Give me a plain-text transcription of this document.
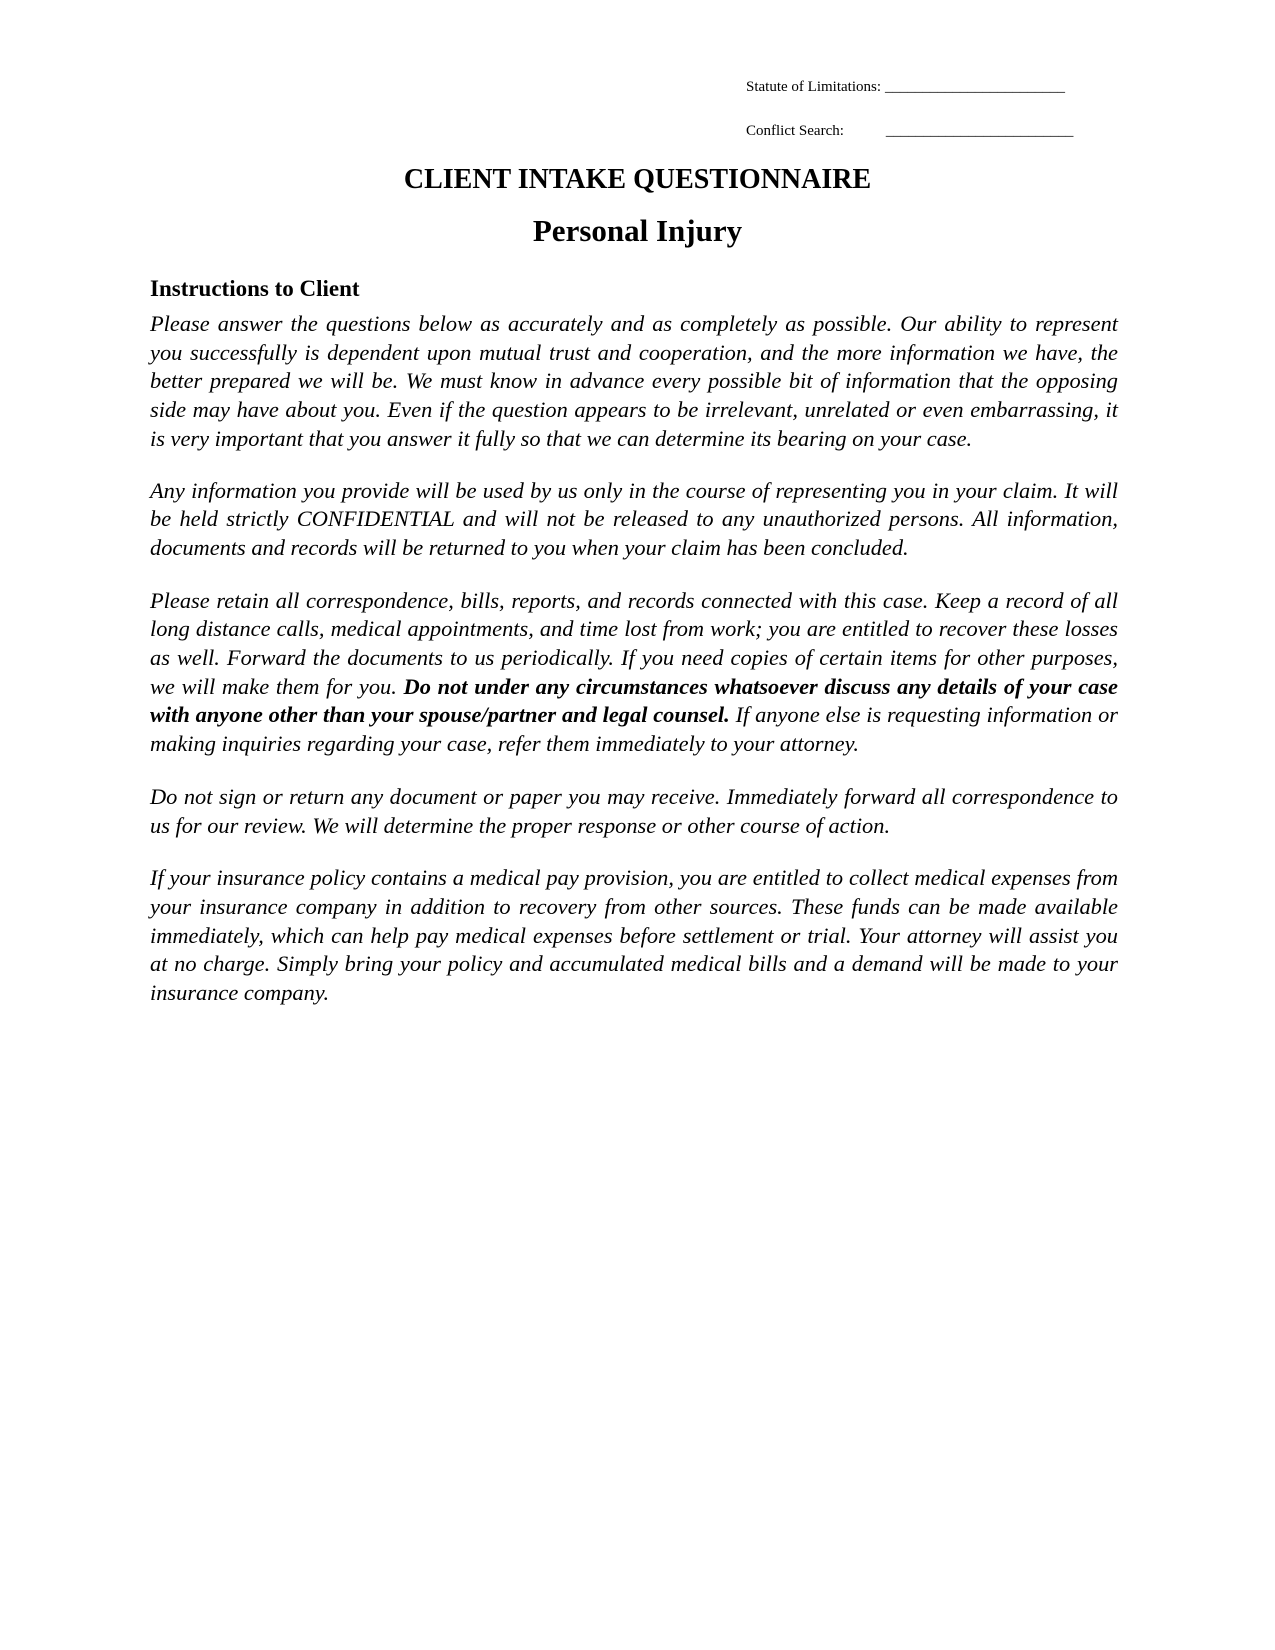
Statute of Limitations: ________________________
Conflict Search:	_________________________
CLIENT INTAKE QUESTIONNAIRE
Personal Injury
Instructions to Client

Please answer the questions below as accurately and as completely as possible. Our ability to represent you successfully is dependent upon mutual trust and cooperation, and the more information we have, the better prepared we will be. We must know in advance every possible bit of information that the opposing side may have about you. Even if the question appears to be irrelevant, unrelated or even embarrassing, it is very important that you answer it fully so that we can determine its bearing on your case.

Any information you provide will be used by us only in the course of representing you in your claim. It will be held strictly CONFIDENTIAL and will not be released to any unauthorized persons. All information, documents and records will be returned to you when your claim has been concluded.

Please retain all correspondence, bills, reports, and records connected with this case. Keep a record of all long distance calls, medical appointments, and time lost from work; you are entitled to recover these losses as well. Forward the documents to us periodically. If you need copies of certain items for other purposes, we will make them for you. Do not under any circumstances whatsoever discuss any details of your case with anyone other than your spouse/partner and legal counsel. If anyone else is requesting information or making inquiries regarding your case, refer them immediately to your attorney.

Do not sign or return any document or paper you may receive. Immediately forward all correspondence to us for our review. We will determine the proper response or other course of action.

If your insurance policy contains a medical pay provision, you are entitled to collect medical expenses from your insurance company in addition to recovery from other sources. These funds can be made available immediately, which can help pay medical expenses before settlement or trial. Your attorney will assist you at no charge. Simply bring your policy and accumulated medical bills and a demand will be made to your insurance company.
